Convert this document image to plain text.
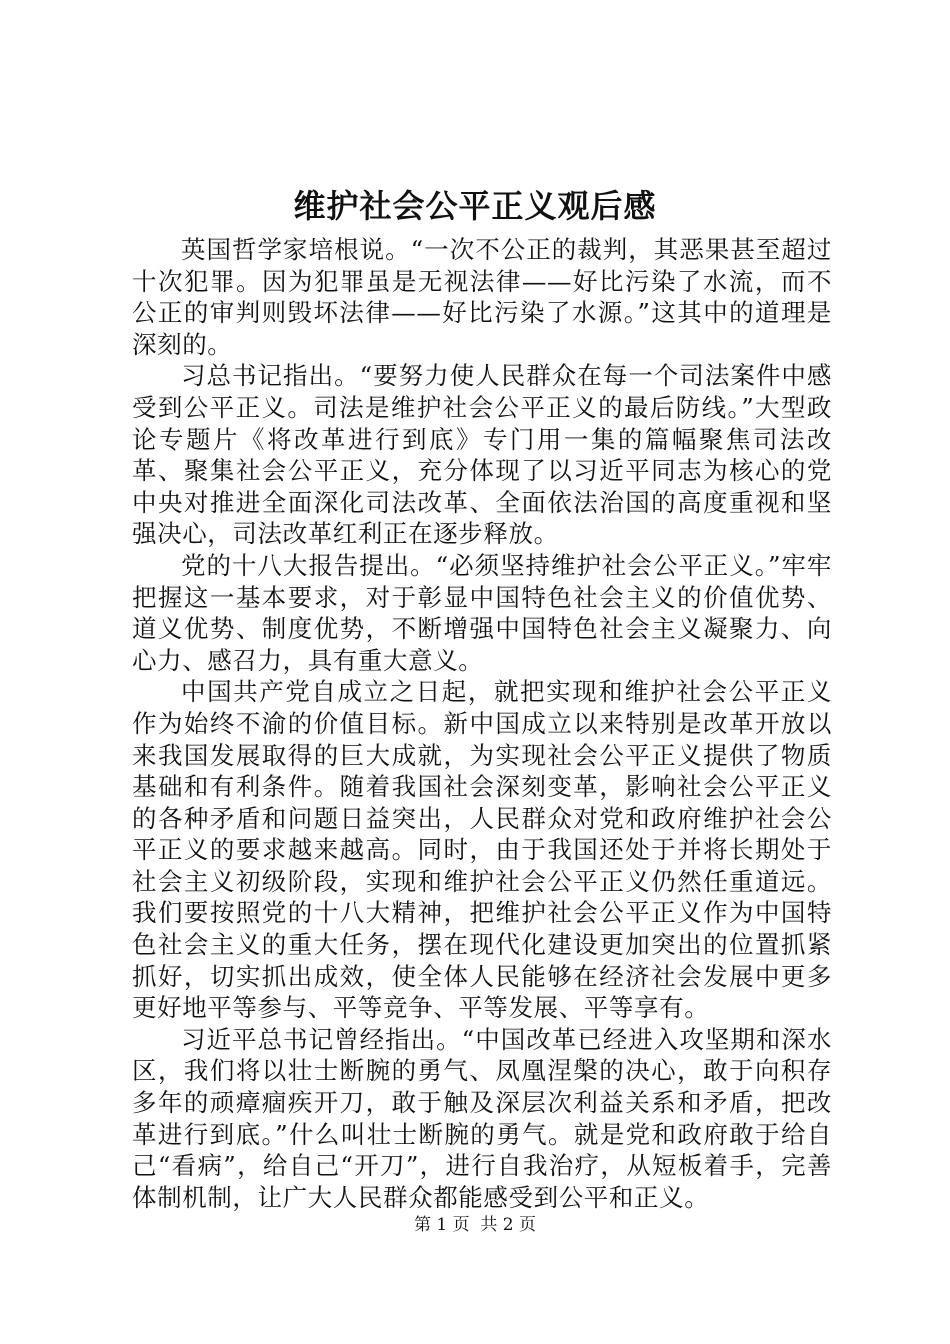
维护社会公平正义观后感

英国哲学家培根说。“一次不公正的裁判，其恶果甚至超过十次犯罪。因为犯罪虽是无视法律——好比污染了水流，而不公正的审判则毁坏法律——好比污染了水源。”这其中的道理是深刻的。

习总书记指出。“要努力使人民群众在每一个司法案件中感受到公平正义。司法是维护社会公平正义的最后防线。”大型政论专题片《将改革进行到底》专门用一集的篇幅聚焦司法改革、聚集社会公平正义，充分体现了以习近平同志为核心的党中央对推进全面深化司法改革、全面依法治国的高度重视和坚强决心，司法改革红利正在逐步释放。

党的十八大报告提出。“必须坚持维护社会公平正义。”牢牢把握这一基本要求，对于彰显中国特色社会主义的价值优势、道义优势、制度优势，不断增强中国特色社会主义凝聚力、向心力、感召力，具有重大意义。

中国共产党自成立之日起，就把实现和维护社会公平正义作为始终不渝的价值目标。新中国成立以来特别是改革开放以来我国发展取得的巨大成就，为实现社会公平正义提供了物质基础和有利条件。随着我国社会深刻变革，影响社会公平正义的各种矛盾和问题日益突出，人民群众对党和政府维护社会公平正义的要求越来越高。同时，由于我国还处于并将长期处于社会主义初级阶段，实现和维护社会公平正义仍然任重道远。我们要按照党的十八大精神，把维护社会公平正义作为中国特色社会主义的重大任务，摆在现代化建设更加突出的位置抓紧抓好，切实抓出成效，使全体人民能够在经济社会发展中更多更好地平等参与、平等竞争、平等发展、平等享有。

习近平总书记曾经指出。“中国改革已经进入攻坚期和深水区，我们将以壮士断腕的勇气、凤凰涅槃的决心，敢于向积存多年的顽瘴痼疾开刀，敢于触及深层次利益关系和矛盾，把改革进行到底。”什么叫壮士断腕的勇气。就是党和政府敢于给自己“看病”，给自己“开刀”，进行自我治疗，从短板着手，完善体制机制，让广大人民群众都能感受到公平和正义。

第 1 页  共 2 页
